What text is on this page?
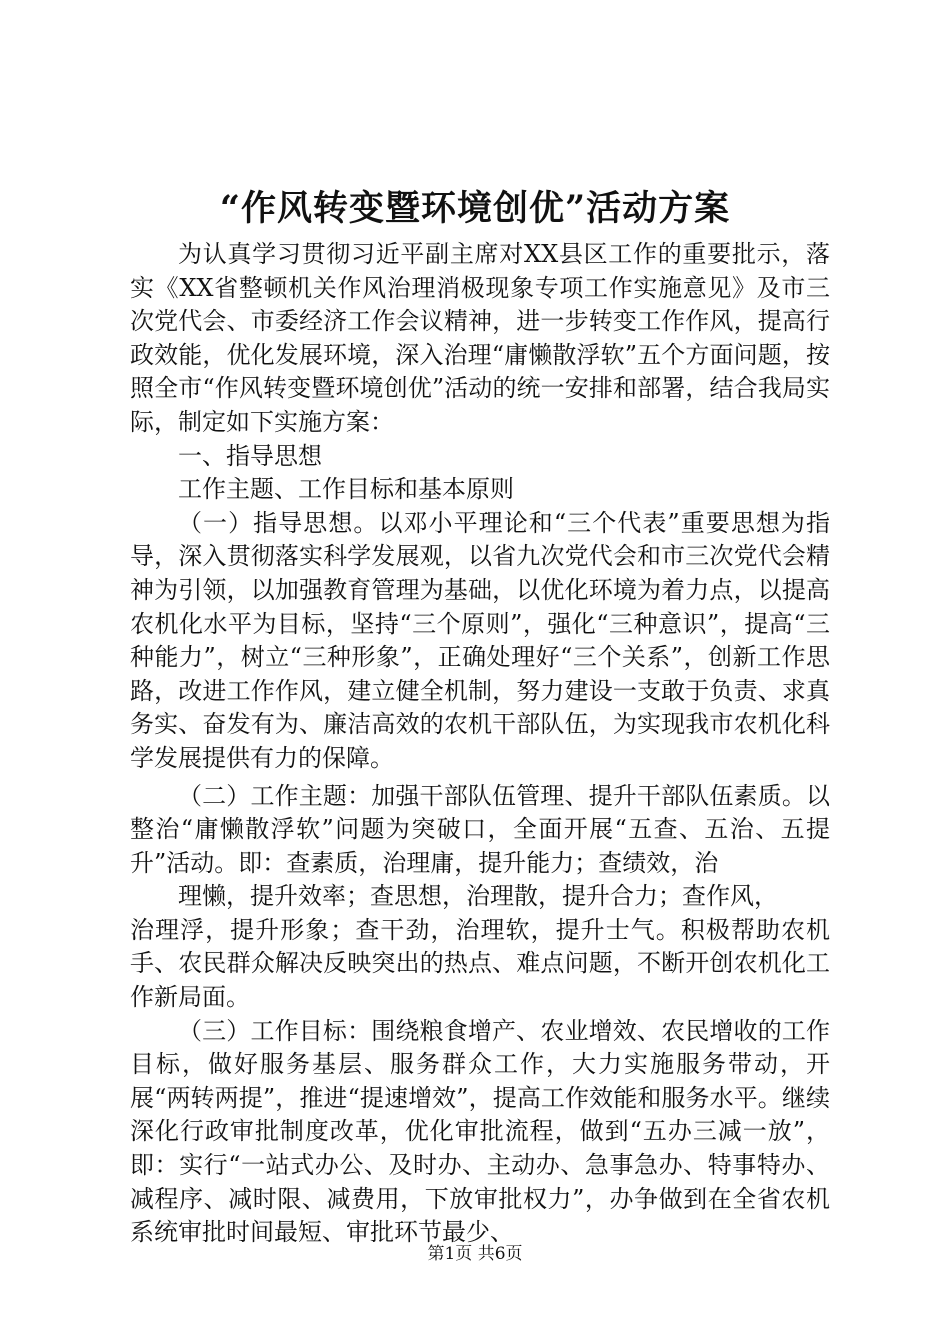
“作风转变暨环境创优”活动方案

为认真学习贯彻习近平副主席对XX县区工作的重要批示，落实《XX省整顿机关作风治理消极现象专项工作实施意见》及市三次党代会、市委经济工作会议精神，进一步转变工作作风，提高行政效能，优化发展环境，深入治理“庸懒散浮软”五个方面问题，按照全市“作风转变暨环境创优”活动的统一安排和部署，结合我局实际，制定如下实施方案：

一、指导思想

工作主题、工作目标和基本原则

（一）指导思想。以邓小平理论和“三个代表”重要思想为指导，深入贯彻落实科学发展观，以省九次党代会和市三次党代会精神为引领，以加强教育管理为基础，以优化环境为着力点，以提高农机化水平为目标，坚持“三个原则”，强化“三种意识”，提高“三种能力”，树立“三种形象”，正确处理好“三个关系”，创新工作思路，改进工作作风，建立健全机制，努力建设一支敢于负责、求真务实、奋发有为、廉洁高效的农机干部队伍，为实现我市农机化科学发展提供有力的保障。

（二）工作主题：加强干部队伍管理、提升干部队伍素质。以整治“庸懒散浮软”问题为突破口，全面开展“五查、五治、五提升”活动。即：查素质，治理庸，提升能力；查绩效，治

理懒，提升效率；查思想，治理散，提升合力；查作风，

治理浮，提升形象；查干劲，治理软，提升士气。积极帮助农机手、农民群众解决反映突出的热点、难点问题，不断开创农机化工作新局面。

（三）工作目标：围绕粮食增产、农业增效、农民增收的工作目标，做好服务基层、服务群众工作，大力实施服务带动，开展“两转两提”，推进“提速增效”，提高工作效能和服务水平。继续深化行政审批制度改革，优化审批流程，做到“五办三减一放”，即：实行“一站式办公、及时办、主动办、急事急办、特事特办、减程序、减时限、减费用，下放审批权力”，办争做到在全省农机系统审批时间最短、审批环节最少、

第1页 共6页
